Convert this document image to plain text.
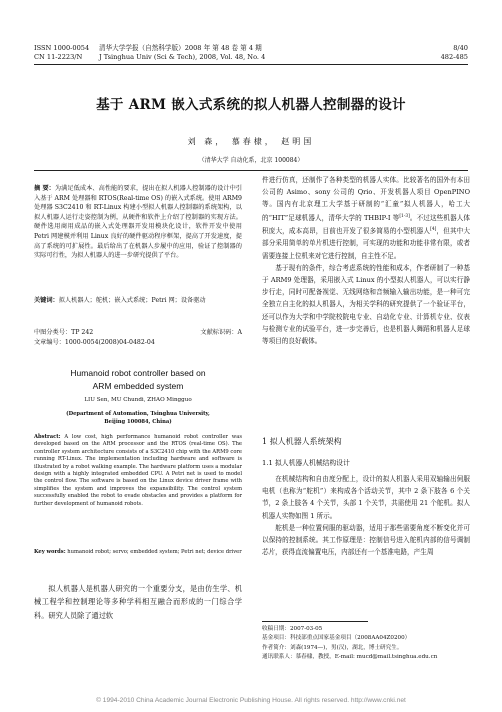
ISSN 1000-0054
CN 11-2223/N
清华大学学报（自然科学版）2008 年 第 48 卷 第 4 期
J Tsinghua Univ (Sci & Tech), 2008, Vol. 48, No. 4
8/40
482-485
基于 ARM 嵌入式系统的拟人机器人控制器的设计
刘 森， 慕春棣， 赵明国
（清华大学 自动化系，北京 100084）

摘 要：为满足低成本、高性能的要求，提出在拟人机器人控制器的设计中引入基于 ARM 处理器和 RTOS(Real-time OS) 的嵌入式系统。使用 ARM9 处理器 S3C2410 和 RT-Linux 构建小型拟人机器人控制器的系统架构，以拟人机器人运行走姿控制为例，从硬件和软件上介绍了控制器的实现方法。硬件选用商用成品的嵌入式处理器开发用模块化设计，软件开发中使用 Petri 网建模并利用 Linux 良好的硬件驱动程序框架，提高了开发速度，提高了系统的可扩展性。最后给出了在机器人步履中的应用，验证了控制器的实际可行性，为拟人机器人的进一步研究提供了平台。

关键词：拟人机器人；舵机；嵌入式系统；Petri 网；设备驱动
中图分类号：TP 242	文献标识码：A
文章编号：1000-0054(2008)04-0482-04
Humanoid robot controller based on
ARM embedded system
LIU Sen, MU Chundi, ZHAO Mingguo
(Department of Automation, Tsinghua University,
Beijing 100084, China)
Abstract: A low cost, high performance humanoid robot controller was developed based on the ARM processor and the RTOS (real-time OS). The controller system architecture consists of a S3C2410 chip with the ARM9 core running RT-Linux. The implementation including hardware and software is illustrated by a robot walking example. The hardware platform uses a modular design with a highly integrated embedded CPU. A Petri net is used to model the control flow. The software is based on the Linux device driver frame with simplifies the system and improves the expansibility. The control system successfully enabled the robot to evade obstacles and provides a platform for further development of humanoid robots.
Key words: humanoid robot; servo; embedded system; Petri net; device driver

拟人机器人是机器人研究的一个重要分支，是由仿生学、机械工程学和控制理论等多种学科相互融合而形成的一门综合学科。研究人员除了通过软

件进行仿真，还制作了各种类型的机器人实体。比较著名的国外有本田公司的 Asimo、sony 公司的 Qrio、开发机器人项目 OpenPINO 等。国内有北京理工大学基于研制的“汇童”拟人机器人，哈工大的“HIT”足球机器人，清华大学的 THBIP-I 等[1-3]。不过这些机器人体积庞大，成本高昂，目前也开发了很多简易的小型机器人[4]，但其中大部分采用简单的单片机进行控制，可实现的功能和功能非常有限，或者需要连接上位机来对它进行控制，自主性不足。

基于现有的条件，综合考虑系统的性能和成本，作者研制了一种基于 ARM9 处理器，采用嵌入式 Linux 的小型拟人机器人，可以实行静步行走，同时可配备视觉、无线网络和音频输入输出功能，是一种可完全独立自主化的拟人机器人，为相关学科的研究提供了一个验证平台，还可以作为大学和中学院校院电专业、自动化专业、计算机专业、仪表与检测专业的试验平台，进一步完善后，也是机器人舞蹈和机器人足球等项目的良好载体。

1 拟人机器人系统架构
1.1 拟人机器人机械结构设计

在机械结构和自由度分配上，设计的拟人机器人采用双轴输出伺服电机（也称为“舵机”）来构成各个活动关节，其中 2 条下肢各 6 个关节，2 条上肢各 4 个关节，头部 1 个关节，共需使用 21 个舵机。拟人机器人实物如图 1 所示。

舵机是一种位置伺服的驱动器，适用于那些需要角度不断变化并可以保持的控制系统。其工作原理是：控制信号进入舵机内部的信号调制芯片，获得直流偏置电压，内部还有一个基准电路，产生周

收稿日期：2007-03-05
基金项目：科技部重点国家基金项目（2008AA04Z0200）
作者简介：刘森(1974—)，男(汉)，湖北，博士研究生。
通讯联系人：慕春棣，教授，E-mail: mucd@mail.tsinghua.edu.cn
© 1994-2010 China Academic Journal Electronic Publishing House. All rights reserved. http://www.cnki.net
